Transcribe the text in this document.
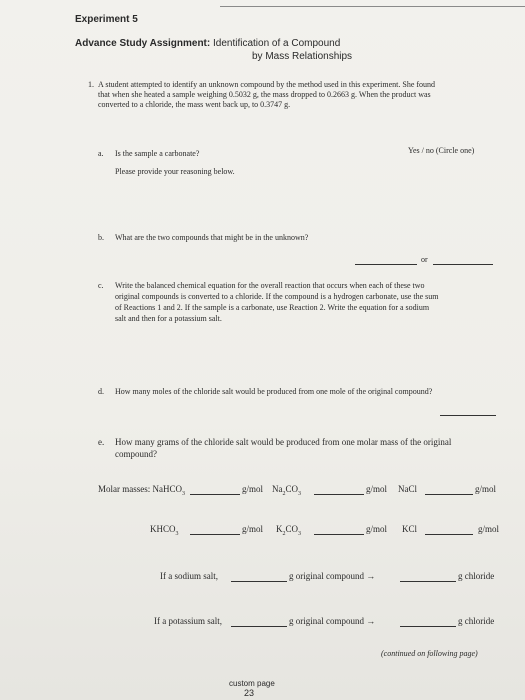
Experiment 5
Advance Study Assignment: Identification of a Compound
by Mass Relationships
1. A student attempted to identify an unknown compound by the method used in this experiment. She found
that when she heated a sample weighing 0.5032 g, the mass dropped to 0.2663 g. When the product was
converted to a chloride, the mass went back up, to 0.3747 g.
a. Is the sample a carbonate?	Yes / no (Circle one)
Please provide your reasoning below.
b. What are the two compounds that might be in the unknown?
or
c. Write the balanced chemical equation for the overall reaction that occurs when each of these two
original compounds is converted to a chloride. If the compound is a hydrogen carbonate, use the sum
of Reactions 1 and 2. If the sample is a carbonate, use Reaction 2. Write the equation for a sodium
salt and then for a potassium salt.
d. How many moles of the chloride salt would be produced from one mole of the original compound?
e. How many grams of the chloride salt would be produced from one molar mass of the original
compound?
Molar masses: NaHCO$_3$	g/mol $Na_2CO_3$	g/mol NaCl	g/mol
$KHCO_3$	g/mol $K_2CO_3$	g/mol KCl	g/mol
If a sodium salt,	g original compound →	g chloride
If a potassium salt,	g original compound →	g chloride
(continued on following page)
custom page
23
